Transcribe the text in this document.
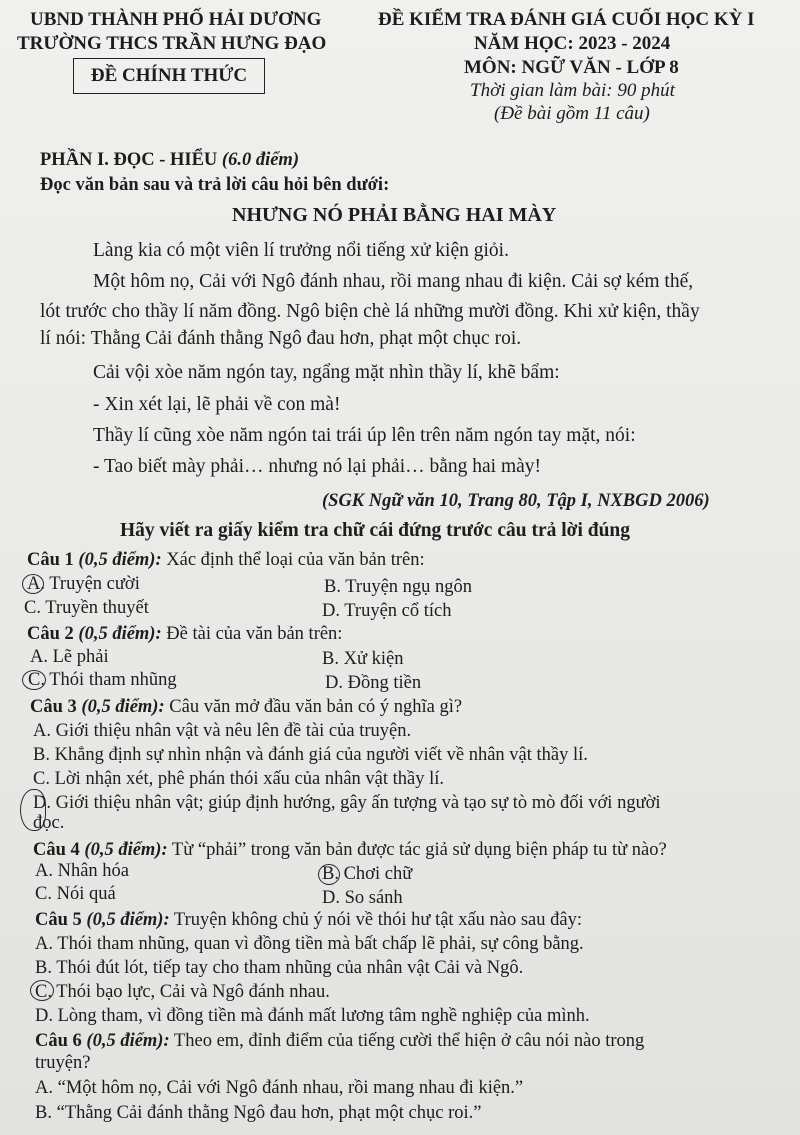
UBND THÀNH PHỐ HẢI DƯƠNG
TRƯỜNG THCS TRẦN HƯNG ĐẠO
ĐỀ CHÍNH THỨC
ĐỀ KIỂM TRA ĐÁNH GIÁ CUỐI HỌC KỲ I
NĂM HỌC: 2023 - 2024
MÔN: NGỮ VĂN - LỚP 8
Thời gian làm bài: 90 phút
(Đề bài gồm 11 câu)
PHẦN I. ĐỌC - HIỂU (6.0 điểm)
Đọc văn bản sau và trả lời câu hỏi bên dưới:
NHƯNG NÓ PHẢI BẰNG HAI MÀY
Làng kia có một viên lí trưởng nổi tiếng xử kiện giỏi.
Một hôm nọ, Cải với Ngô đánh nhau, rồi mang nhau đi kiện. Cải sợ kém thế,
lót trước cho thầy lí năm đồng. Ngô biện chè lá những mười đồng. Khi xử kiện, thầy
lí nói: Thằng Cải đánh thằng Ngô đau hơn, phạt một chục roi.
Cải vội xòe năm ngón tay, ngẩng mặt nhìn thầy lí, khẽ bẩm:
- Xin xét lại, lẽ phải về con mà!
Thầy lí cũng xòe năm ngón tai trái úp lên trên năm ngón tay mặt, nói:
- Tao biết mày phải… nhưng nó lại phải… bằng hai mày!
(SGK Ngữ văn 10, Trang 80, Tập I, NXBGD 2006)
Hãy viết ra giấy kiểm tra chữ cái đứng trước câu trả lời đúng
Câu 1 (0,5 điểm): Xác định thể loại của văn bản trên:
A. Truyện cười	B. Truyện ngụ ngôn
C. Truyền thuyết	D. Truyện cổ tích
Câu 2 (0,5 điểm): Đề tài của văn bản trên:
A. Lẽ phải	B. Xử kiện
C. Thói tham nhũng	D. Đồng tiền
Câu 3 (0,5 điểm): Câu văn mở đầu văn bản có ý nghĩa gì?
A. Giới thiệu nhân vật và nêu lên đề tài của truyện.
B. Khẳng định sự nhìn nhận và đánh giá của người viết về nhân vật thầy lí.
C. Lời nhận xét, phê phán thói xấu của nhân vật thầy lí.
D. Giới thiệu nhân vật; giúp định hướng, gây ấn tượng và tạo sự tò mò đối với người
đọc.
Câu 4 (0,5 điểm): Từ “phải” trong văn bản được tác giả sử dụng biện pháp tu từ nào?
A. Nhân hóa	B. Chơi chữ
C. Nói quá	D. So sánh
Câu 5 (0,5 điểm): Truyện không chủ ý nói về thói hư tật xấu nào sau đây:
A. Thói tham nhũng, quan vì đồng tiền mà bất chấp lẽ phải, sự công bằng.
B. Thói đút lót, tiếp tay cho tham nhũng của nhân vật Cải và Ngô.
C. Thói bạo lực, Cải và Ngô đánh nhau.
D. Lòng tham, vì đồng tiền mà đánh mất lương tâm nghề nghiệp của mình.
Câu 6 (0,5 điểm): Theo em, đỉnh điểm của tiếng cười thể hiện ở câu nói nào trong
truyện?
A. “Một hôm nọ, Cải với Ngô đánh nhau, rồi mang nhau đi kiện.”
B. “Thằng Cải đánh thằng Ngô đau hơn, phạt một chục roi.”
